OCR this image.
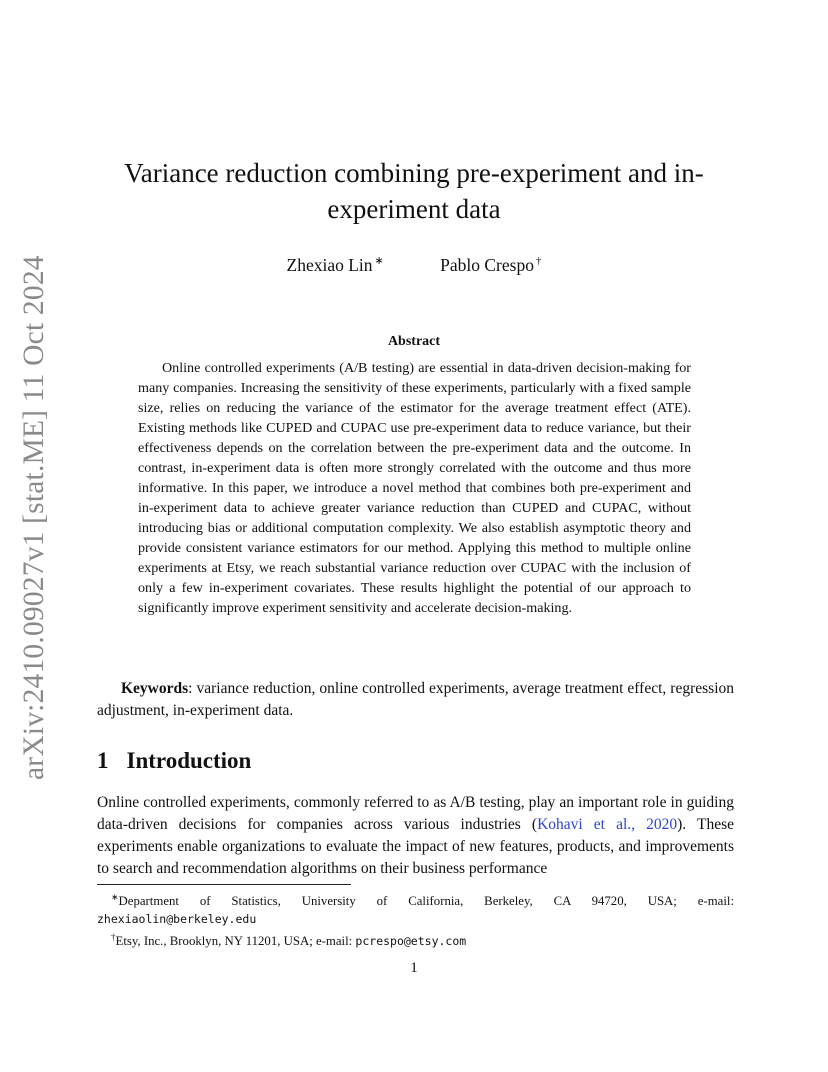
arXiv:2410.09027v1 [stat.ME] 11 Oct 2024
Variance reduction combining pre-experiment and in-experiment data
Zhexiao Lin ∗	Pablo Crespo †
Abstract

Online controlled experiments (A/B testing) are essential in data-driven decision-making for many companies. Increasing the sensitivity of these experiments, particularly with a fixed sample size, relies on reducing the variance of the estimator for the average treatment effect (ATE). Existing methods like CUPED and CUPAC use pre-experiment data to reduce variance, but their effectiveness depends on the correlation between the pre-experiment data and the outcome. In contrast, in-experiment data is often more strongly correlated with the outcome and thus more informative. In this paper, we introduce a novel method that combines both pre-experiment and in-experiment data to achieve greater variance reduction than CUPED and CUPAC, without introducing bias or additional computation complexity. We also establish asymptotic theory and provide consistent variance estimators for our method. Applying this method to multiple online experiments at Etsy, we reach substantial variance reduction over CUPAC with the inclusion of only a few in-experiment covariates. These results highlight the potential of our approach to significantly improve experiment sensitivity and accelerate decision-making.

Keywords: variance reduction, online controlled experiments, average treatment effect, regression adjustment, in-experiment data.

1 Introduction

Online controlled experiments, commonly referred to as A/B testing, play an important role in guiding data-driven decisions for companies across various industries (Kohavi et al., 2020). These experiments enable organizations to evaluate the impact of new features, products, and improvements to search and recommendation algorithms on their business performance

∗Department of Statistics, University of California, Berkeley, CA 94720, USA; e-mail:

zhexiaolin@berkeley.edu

†Etsy, Inc., Brooklyn, NY 11201, USA; e-mail: pcrespo@etsy.com

1
